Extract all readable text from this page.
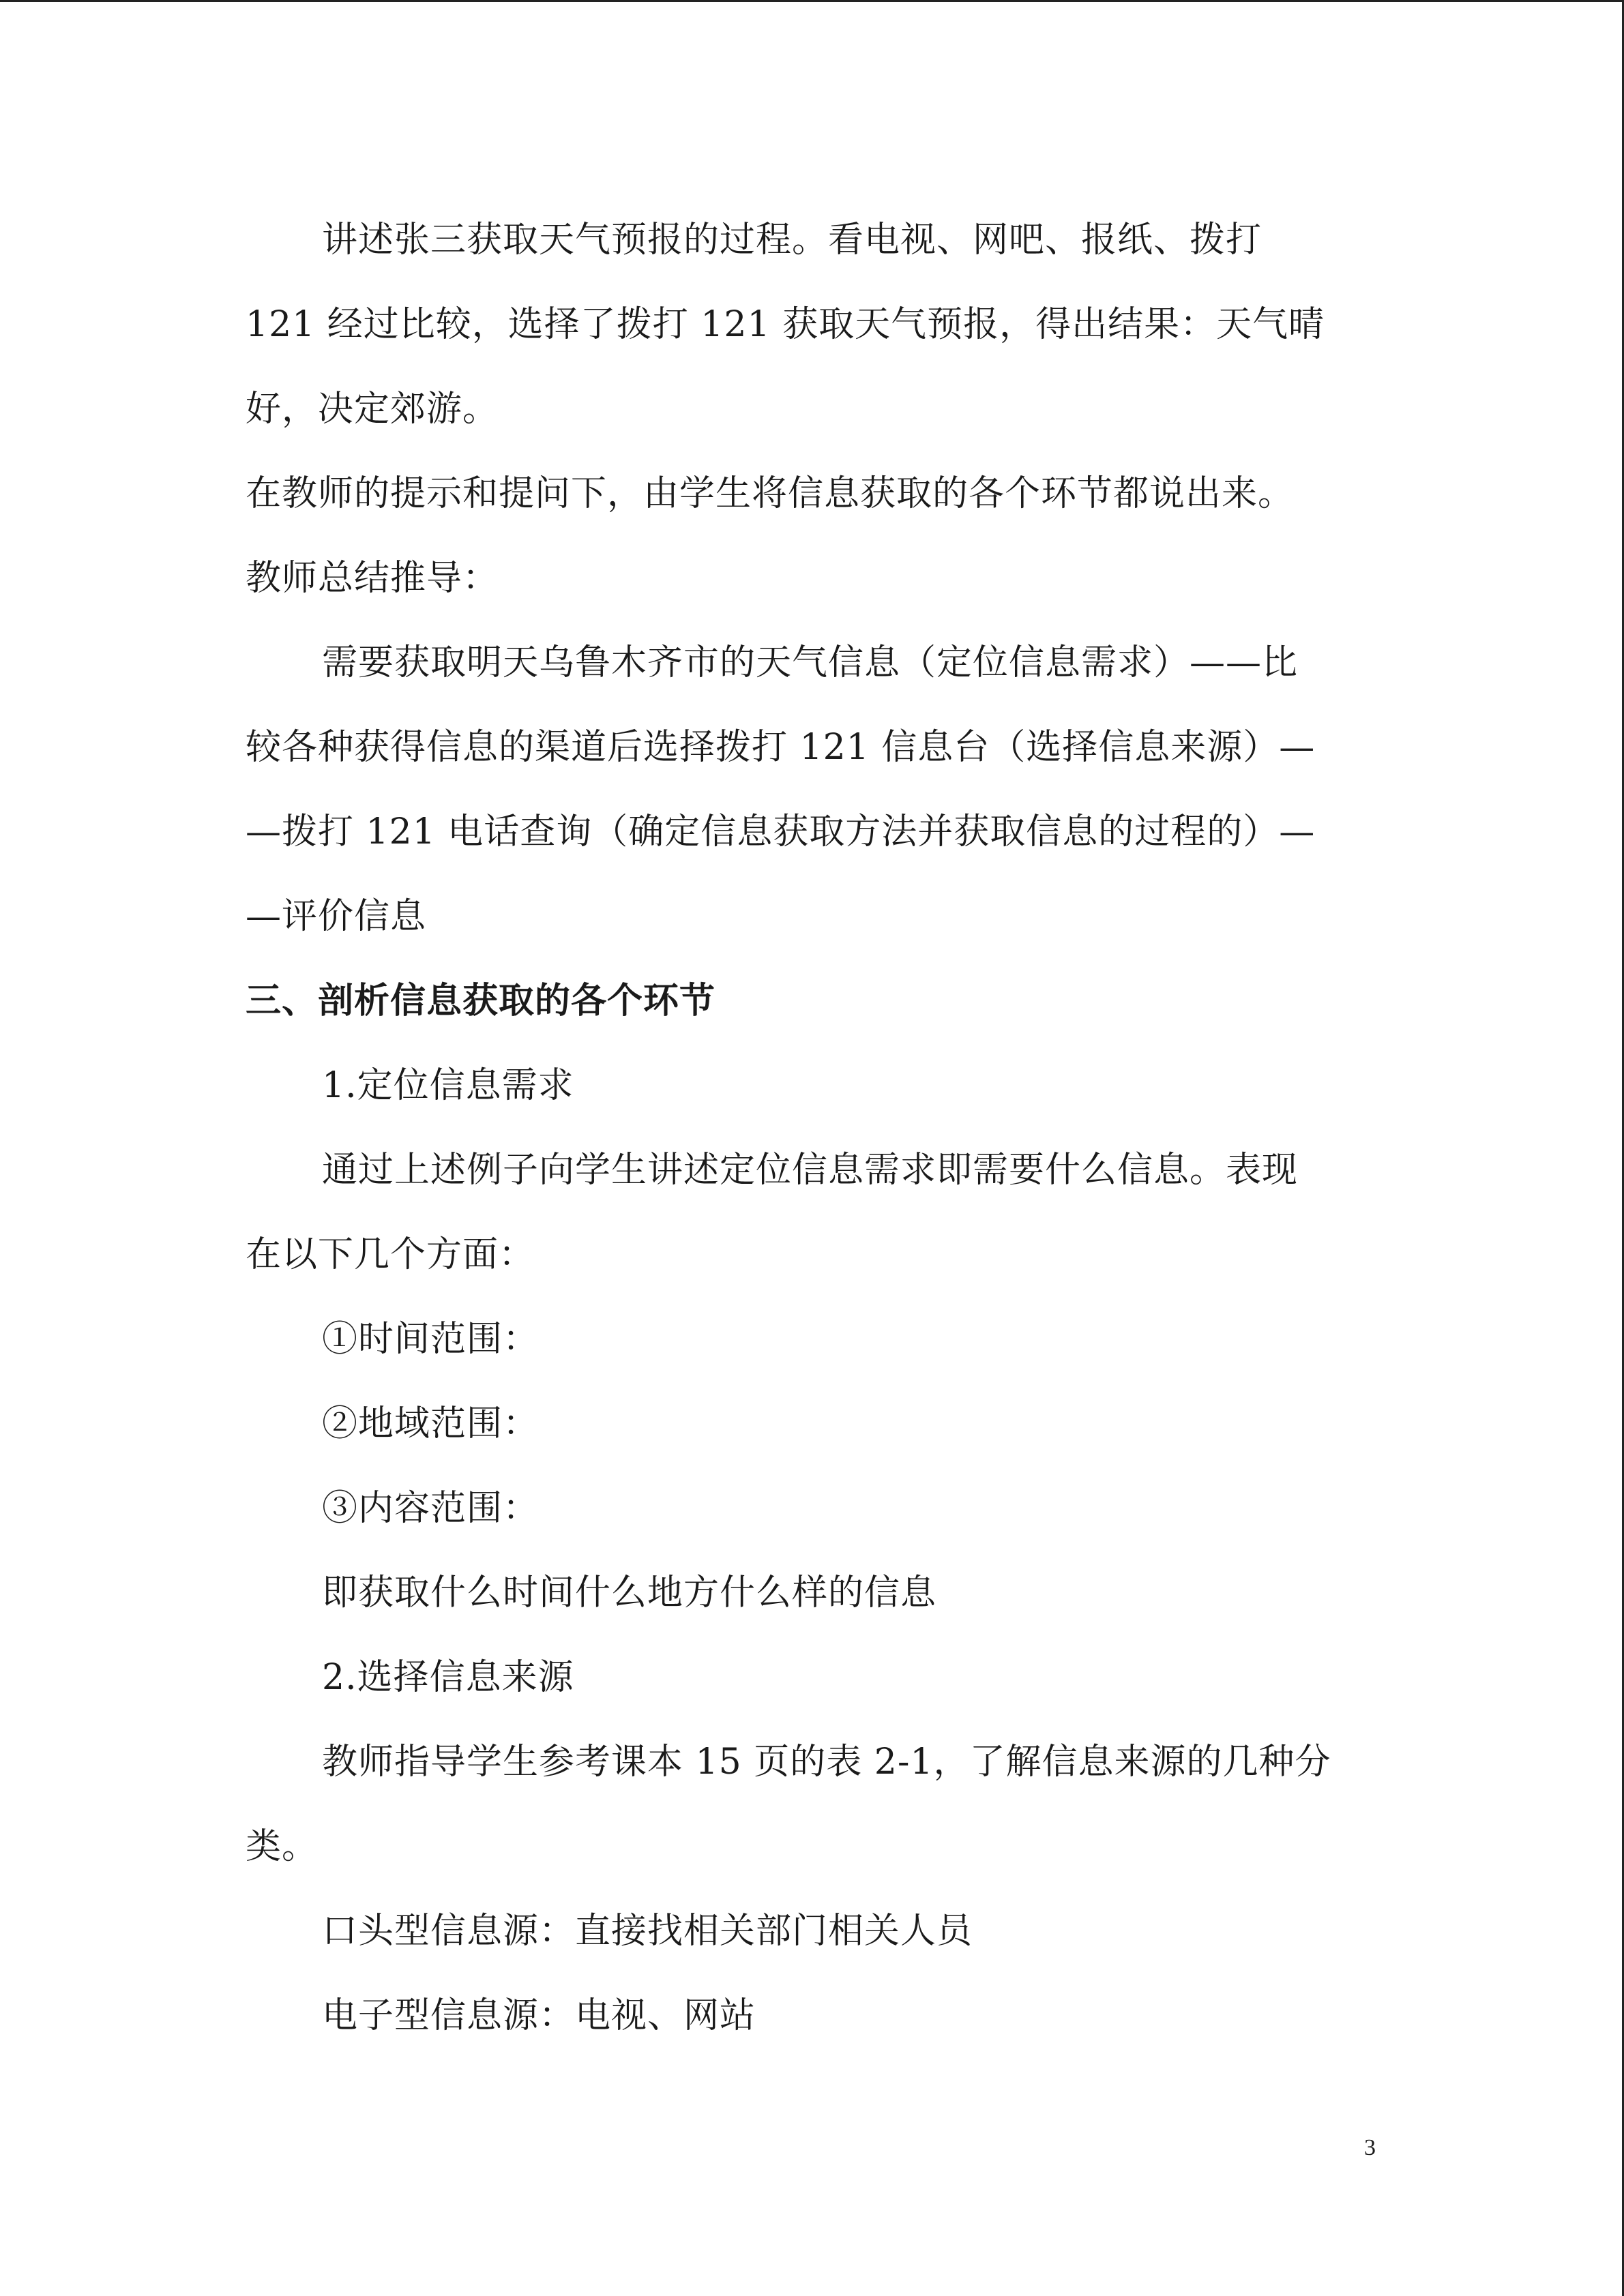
讲述张三获取天气预报的过程。看电视、网吧、报纸、拨打
121 经过比较，选择了拨打 121 获取天气预报，得出结果：天气晴
好，决定郊游。
在教师的提示和提问下，由学生将信息获取的各个环节都说出来。
教师总结推导：
需要获取明天乌鲁木齐市的天气信息（定位信息需求）——比
较各种获得信息的渠道后选择拨打 121 信息台（选择信息来源）—
—拨打 121 电话查询（确定信息获取方法并获取信息的过程的）—
—评价信息
三、剖析信息获取的各个环节
1.定位信息需求
通过上述例子向学生讲述定位信息需求即需要什么信息。表现
在以下几个方面：
①时间范围：
②地域范围：
③内容范围：
即获取什么时间什么地方什么样的信息
2.选择信息来源
教师指导学生参考课本 15 页的表 2-1，了解信息来源的几种分
类。
口头型信息源：直接找相关部门相关人员
电子型信息源：电视、网站
3
